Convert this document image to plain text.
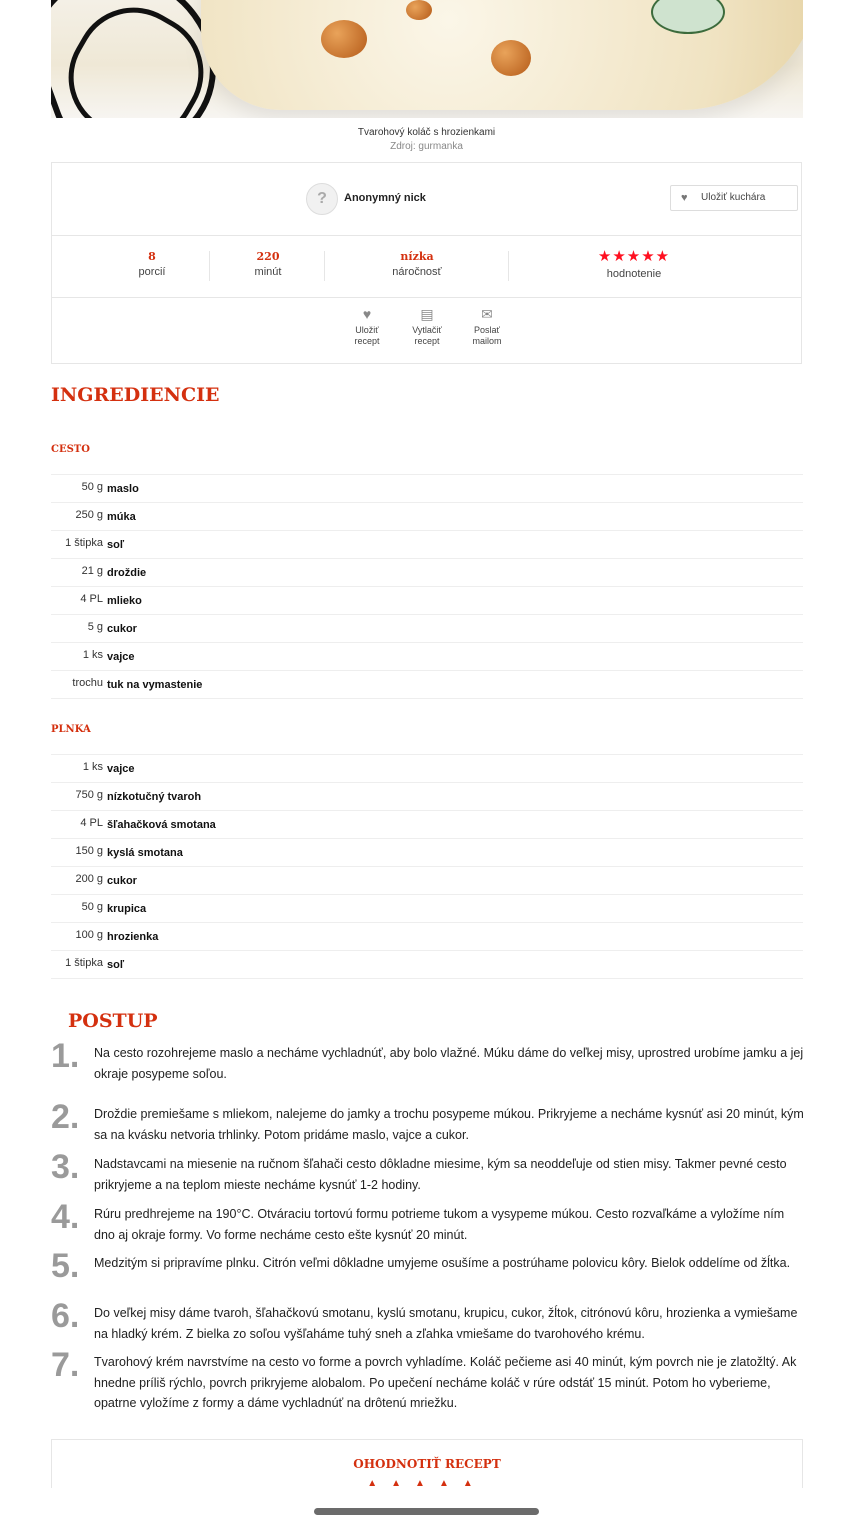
Tvarohový koláč s hrozienkami
Zdroj: gurmanka
?	Anonymný nick	♥ Uložiť kuchára
8
porcií
220
minút
nízka
náročnosť
★★★★★
hodnotenie
♥
Uložiť
recept
▤
Vytlačiť
recept
✉
Poslať
mailom
INGREDIENCIE
CESTO
50 g maslo
250 g múka
1 štipka soľ
21 g droždie
4 PL mlieko
5 g cukor
1 ks vajce
trochu tuk na vymastenie
PLNKA
1 ks vajce
750 g nízkotučný tvaroh
4 PL šľahačková smotana
150 g kyslá smotana
200 g cukor
50 g krupica
100 g hrozienka
1 štipka soľ
POSTUP
1. Na cesto rozohrejeme maslo a necháme vychladnúť, aby bolo vlažné. Múku dáme do veľkej misy, uprostred urobíme jamku a jej okraje posypeme soľou.
2. Droždie premiešame s mliekom, nalejeme do jamky a trochu posypeme múkou. Prikryjeme a necháme kysnúť asi 20 minút, kým sa na kvásku netvoria trhlinky. Potom pridáme maslo, vajce a cukor.
3. Nadstavcami na miesenie na ručnom šľahači cesto dôkladne miesime, kým sa neoddeľuje od stien misy. Takmer pevné cesto prikryjeme a na teplom mieste necháme kysnúť 1-2 hodiny.
4. Rúru predhrejeme na 190°C. Otváraciu tortovú formu potrieme tukom a vysypeme múkou. Cesto rozvaľkáme a vyložíme ním dno aj okraje formy. Vo forme necháme cesto ešte kysnúť 20 minút.
5. Medzitým si pripravíme plnku. Citrón veľmi dôkladne umyjeme osušíme a postrúhame polovicu kôry. Bielok oddelíme od žĺtka.
6. Do veľkej misy dáme tvaroh, šľahačkovú smotanu, kyslú smotanu, krupicu, cukor, žĺtok, citrónovú kôru, hrozienka a vymiešame na hladký krém. Z bielka zo soľou vyšľaháme tuhý sneh a zľahka vmiešame do tvarohového krému.
7. Tvarohový krém navrstvíme na cesto vo forme a povrch vyhladíme. Koláč pečieme asi 40 minút, kým povrch nie je zlatožltý. Ak hnedne príliš rýchlo, povrch prikryjeme alobalom. Po upečení necháme koláč v rúre odstáť 15 minút. Potom ho vyberieme, opatrne vyložíme z formy a dáme vychladnúť na drôtenú mriežku.
OHODNOTIŤ RECEPT
▲▲▲▲▲
